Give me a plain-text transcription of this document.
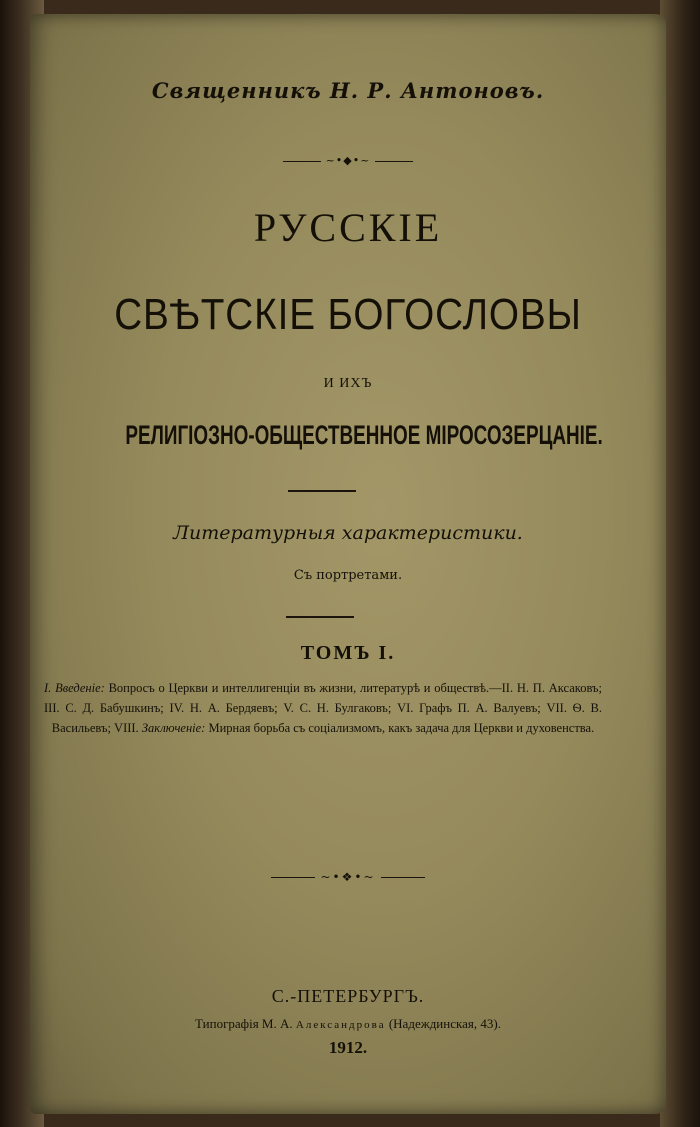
Священникъ Н. Р. Антоновъ.
~•◆•~
РУССКІЕ
СВѢТСКІЕ БОГОСЛОВЫ
И ИХЪ
РЕЛИГІОЗНО-ОБЩЕСТВЕННОЕ МІРОСОЗЕРЦАНІЕ.
Литературныя характеристики.
Съ портретами.
ТОМЪ I.
I. Введеніе: Вопросъ о Церкви и интеллигенціи въ жизни, литературѣ и обществѣ.—II. Н. П. Аксаковъ; III. С. Д. Бабушкинъ; IV. Н. А. Бердяевъ; V. С. Н. Булгаковъ; VI. Графъ П. А. Валуевъ; VII. Ѳ. В. Васильевъ; VIII. Заключеніе: Мирная борьба съ соціализмомъ, какъ задача для Церкви и духовенства.
~•❖•~
С.-ПЕТЕРБУРГЪ.
Типографія М. А. Александрова (Надеждинская, 43).
1912.
